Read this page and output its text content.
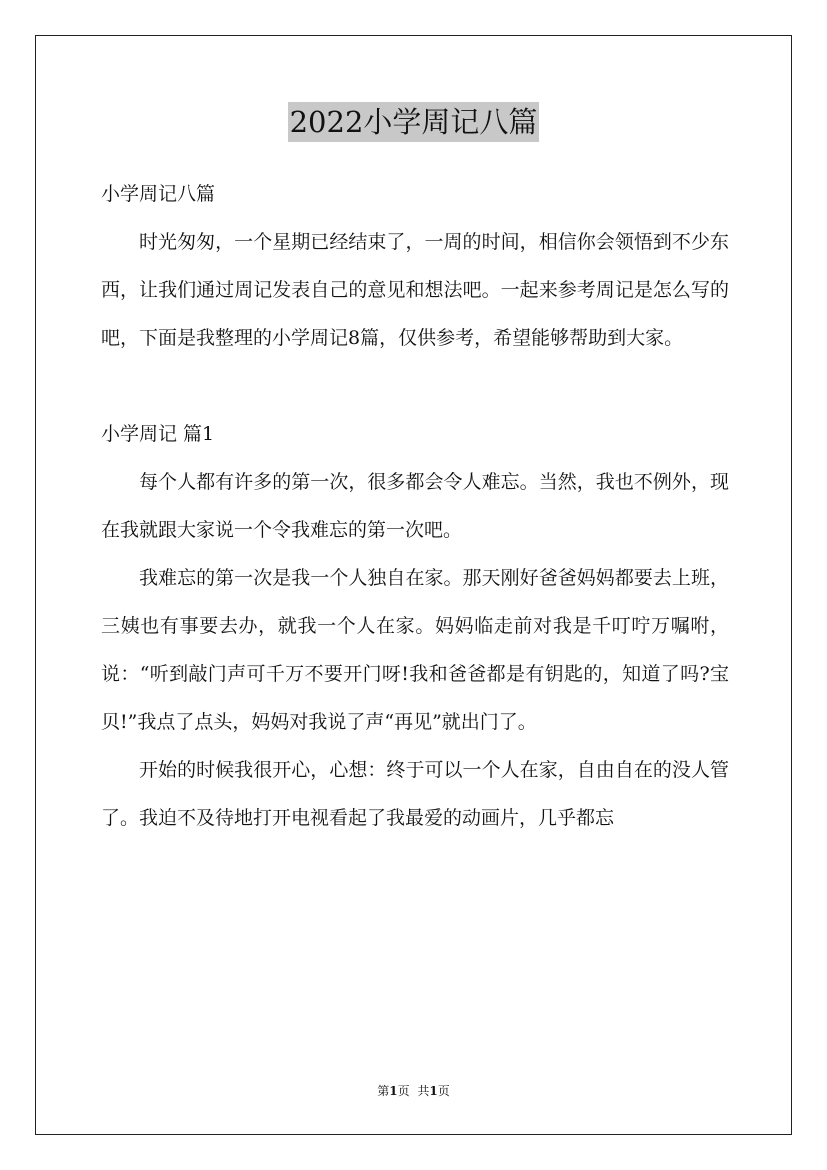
2022小学周记八篇

小学周记八篇

时光匆匆，一个星期已经结束了，一周的时间，相信你会领悟到不少东西，让我们通过周记发表自己的意见和想法吧。一起来参考周记是怎么写的吧，下面是我整理的小学周记8篇，仅供参考，希望能够帮助到大家。

小学周记 篇1

每个人都有许多的第一次，很多都会令人难忘。当然，我也不例外，现在我就跟大家说一个令我难忘的第一次吧。

我难忘的第一次是我一个人独自在家。那天刚好爸爸妈妈都要去上班，三姨也有事要去办，就我一个人在家。妈妈临走前对我是千叮咛万嘱咐，说：“听到敲门声可千万不要开门呀!我和爸爸都是有钥匙的，知道了吗?宝贝!”我点了点头，妈妈对我说了声“再见”就出门了。

开始的时候我很开心，心想：终于可以一个人在家，自由自在的没人管了。我迫不及待地打开电视看起了我最爱的动画片，几乎都忘

第1页 共1页
